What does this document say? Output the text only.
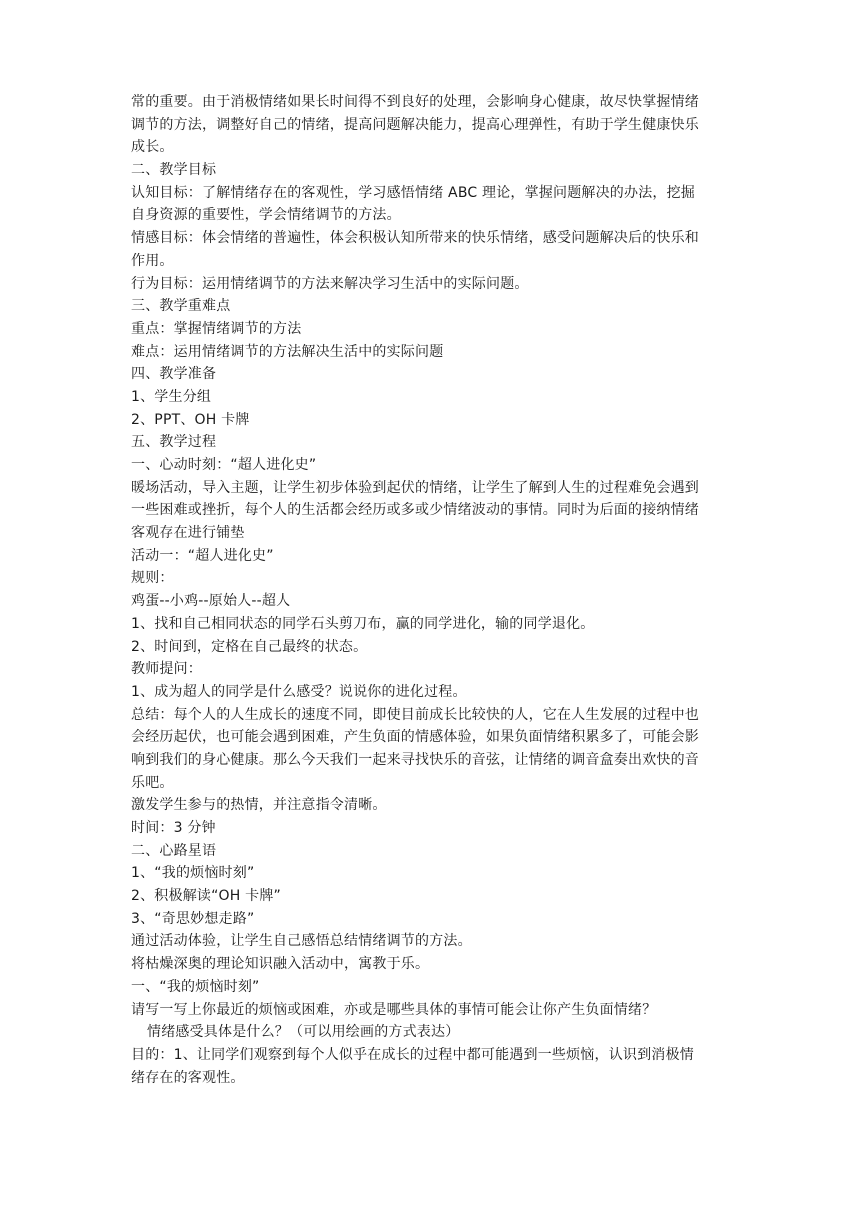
常的重要。由于消极情绪如果长时间得不到良好的处理，会影响身心健康，故尽快掌握情绪
调节的方法，调整好自己的情绪，提高问题解决能力，提高心理弹性，有助于学生健康快乐
成长。
二、教学目标
认知目标：了解情绪存在的客观性，学习感悟情绪 ABC 理论，掌握问题解决的办法，挖掘
自身资源的重要性，学会情绪调节的方法。
情感目标：体会情绪的普遍性，体会积极认知所带来的快乐情绪，感受问题解决后的快乐和
作用。
行为目标：运用情绪调节的方法来解决学习生活中的实际问题。
三、教学重难点
重点：掌握情绪调节的方法
难点：运用情绪调节的方法解决生活中的实际问题
四、教学准备
1、学生分组
2、PPT、OH 卡牌
五、教学过程
一、心动时刻：“超人进化史”
暖场活动，导入主题，让学生初步体验到起伏的情绪，让学生了解到人生的过程难免会遇到
一些困难或挫折，每个人的生活都会经历或多或少情绪波动的事情。同时为后面的接纳情绪
客观存在进行铺垫
活动一：“超人进化史”
规则：
鸡蛋--小鸡--原始人--超人
1、找和自己相同状态的同学石头剪刀布，赢的同学进化，输的同学退化。
2、时间到，定格在自己最终的状态。
教师提问：
1、成为超人的同学是什么感受？说说你的进化过程。
总结：每个人的人生成长的速度不同，即使目前成长比较快的人，它在人生发展的过程中也
会经历起伏，也可能会遇到困难，产生负面的情感体验，如果负面情绪积累多了，可能会影
响到我们的身心健康。那么今天我们一起来寻找快乐的音弦，让情绪的调音盒奏出欢快的音
乐吧。
激发学生参与的热情，并注意指令清晰。
时间：3 分钟
二、心路星语
1、“我的烦恼时刻”
2、积极解读“OH 卡牌”
3、“奇思妙想走路”
通过活动体验，让学生自己感悟总结情绪调节的方法。
将枯燥深奥的理论知识融入活动中，寓教于乐。
一、“我的烦恼时刻”
请写一写上你最近的烦恼或困难，亦或是哪些具体的事情可能会让你产生负面情绪？
情绪感受具体是什么？（可以用绘画的方式表达）
目的：1、让同学们观察到每个人似乎在成长的过程中都可能遇到一些烦恼，认识到消极情
绪存在的客观性。
